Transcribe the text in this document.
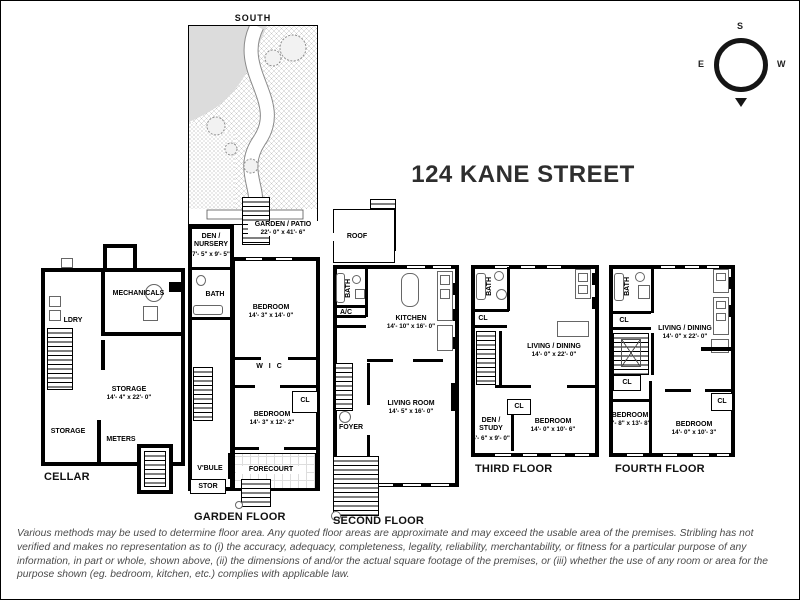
SOUTH
124 KANE STREET
S
E	W
MECHANICALS
LDRY
STORAGE
14'- 4" x 22'- 0"
STORAGE
METERS
CELLAR
GARDEN / PATIO
22'- 0" x 41'- 6"
DEN / NURSERY
7'- 5" x 9'- 5"
BATH
BEDROOM
14'- 3" x 14'- 0"
W I C
CL
BEDROOM
14'- 3" x 12'- 2"
V'BULE
STOR
FORECOURT
GARDEN FLOOR
ROOF
BATH
A/C
KITCHEN
14'- 10" x 16'- 0"
LIVING ROOM
14'- 5" x 16'- 0"
FOYER
SECOND FLOOR
BATH
CL
LIVING / DINING
14'- 0" x 22'- 0"
CL
DEN / STUDY
5'- 6" x 9'- 0"
BEDROOM
14'- 0" x 10'- 6"
THIRD FLOOR
BATH
CL
LIVING / DINING
14'- 0" x 22'- 0"
CL
BEDROOM
5'- 8" x 13'- 8"
CL
BEDROOM
14'- 0" x 10'- 3"
FOURTH FLOOR
Various methods may be used to determine floor area. Any quoted floor areas are approximate and may exceed the usable area of the premises. Stribling has not verified and makes no representation as to (i) the accuracy, adequacy, completeness, legality, reliability, merchantability, or fitness for a particular purpose of any information, in part or whole, shown above, (ii) the dimensions of and/or the actual square footage of the premises, or (iii) whether the use of any room or area for the purpose shown (eg. bedroom, kitchen, etc.) complies with applicable law.
